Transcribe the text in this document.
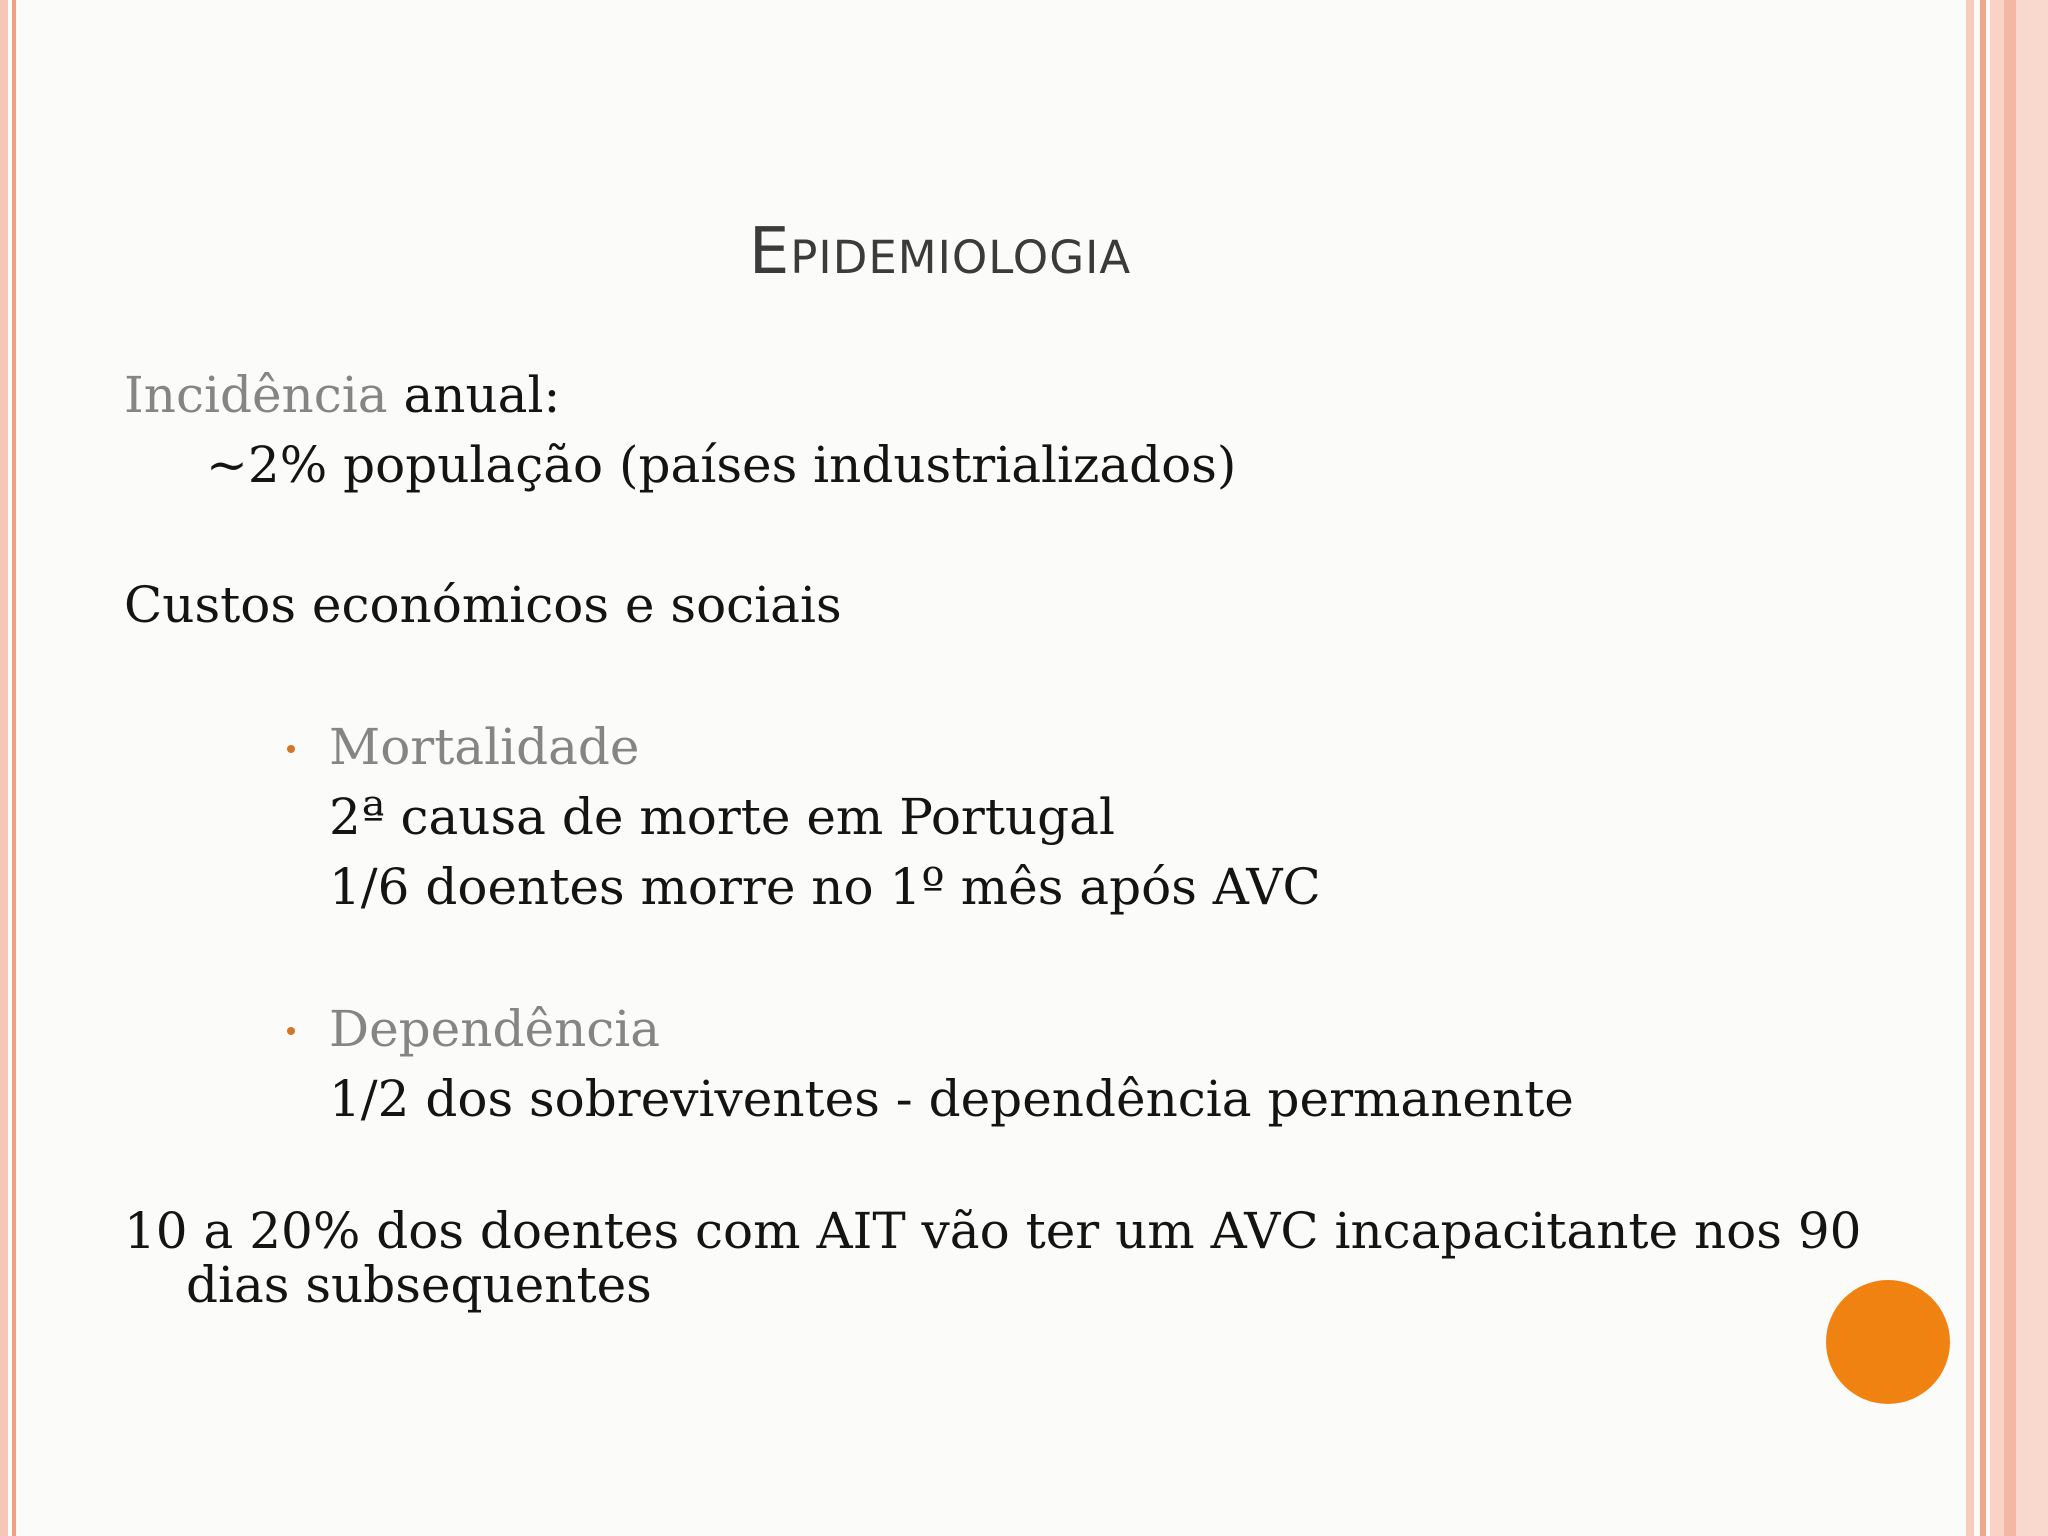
Epidemiologia
Incidência anual:
~2% população (países industrializados)
Custos económicos e sociais
Mortalidade
2ª causa de morte em Portugal
1/6 doentes morre no 1º mês após AVC
Dependência
1/2 dos sobreviventes - dependência permanente
10 a 20% dos doentes com AIT vão ter um AVC incapacitante nos 90
dias subsequentes
